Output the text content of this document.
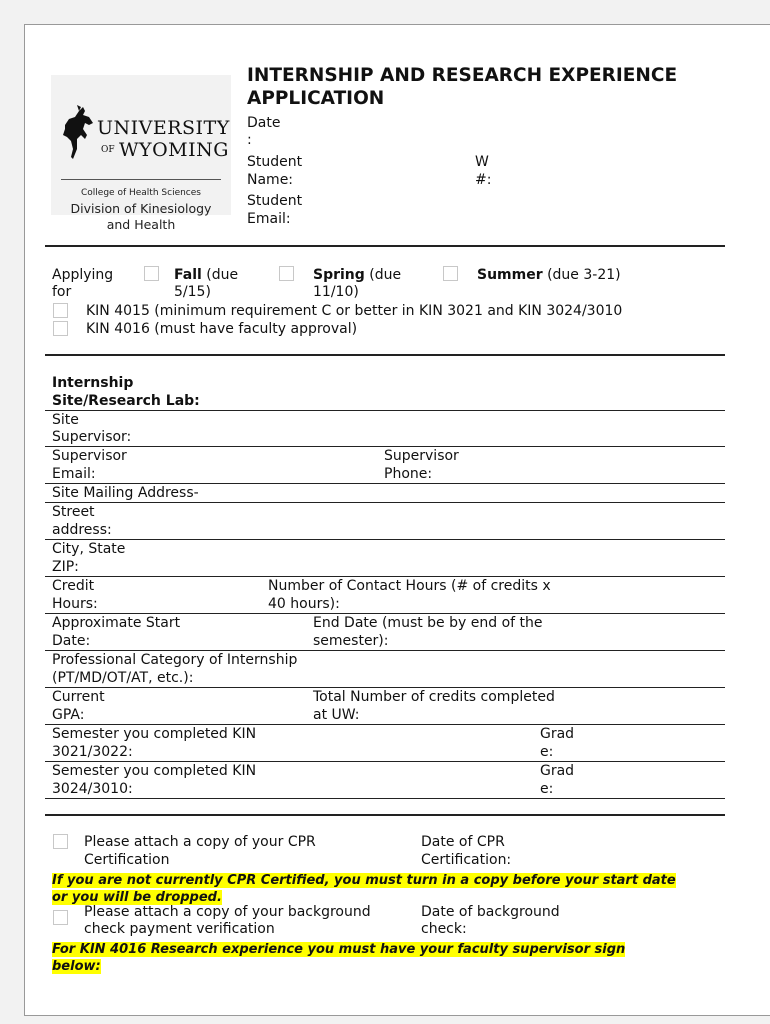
UNIVERSITY
OF WYOMING
College of Health Sciences
Division of Kinesiology
and Health
INTERNSHIP AND RESEARCH EXPERIENCE
APPLICATION
Date
:
Student
Name:
W
#:
Student
Email:
Applying
for
Fall (due
5/15)
Spring (due
11/10)
Summer (due 3-21)
KIN 4015 (minimum requirement C or better in KIN 3021 and KIN 3024/3010
KIN 4016 (must have faculty approval)
Internship
Site/Research Lab:
Site
Supervisor:
Supervisor
Email:
Supervisor
Phone:
Site Mailing Address-
Street
address:
City, State
ZIP:
Credit
Hours:
Number of Contact Hours (# of credits x
40 hours):
Approximate Start
Date:
End Date (must be by end of the
semester):
Professional Category of Internship
(PT/MD/OT/AT, etc.):
Current
GPA:
Total Number of credits completed
at UW:
Semester you completed KIN
3021/3022:
Grad
e:
Semester you completed KIN
3024/3010:
Grad
e:
Please attach a copy of your CPR
Certification
Date of CPR
Certification:
If you are not currently CPR Certified, you must turn in a copy before your start date
or you will be dropped.
Please attach a copy of your background
check payment verification
Date of background
check:
For KIN 4016 Research experience you must have your faculty supervisor sign
below:
